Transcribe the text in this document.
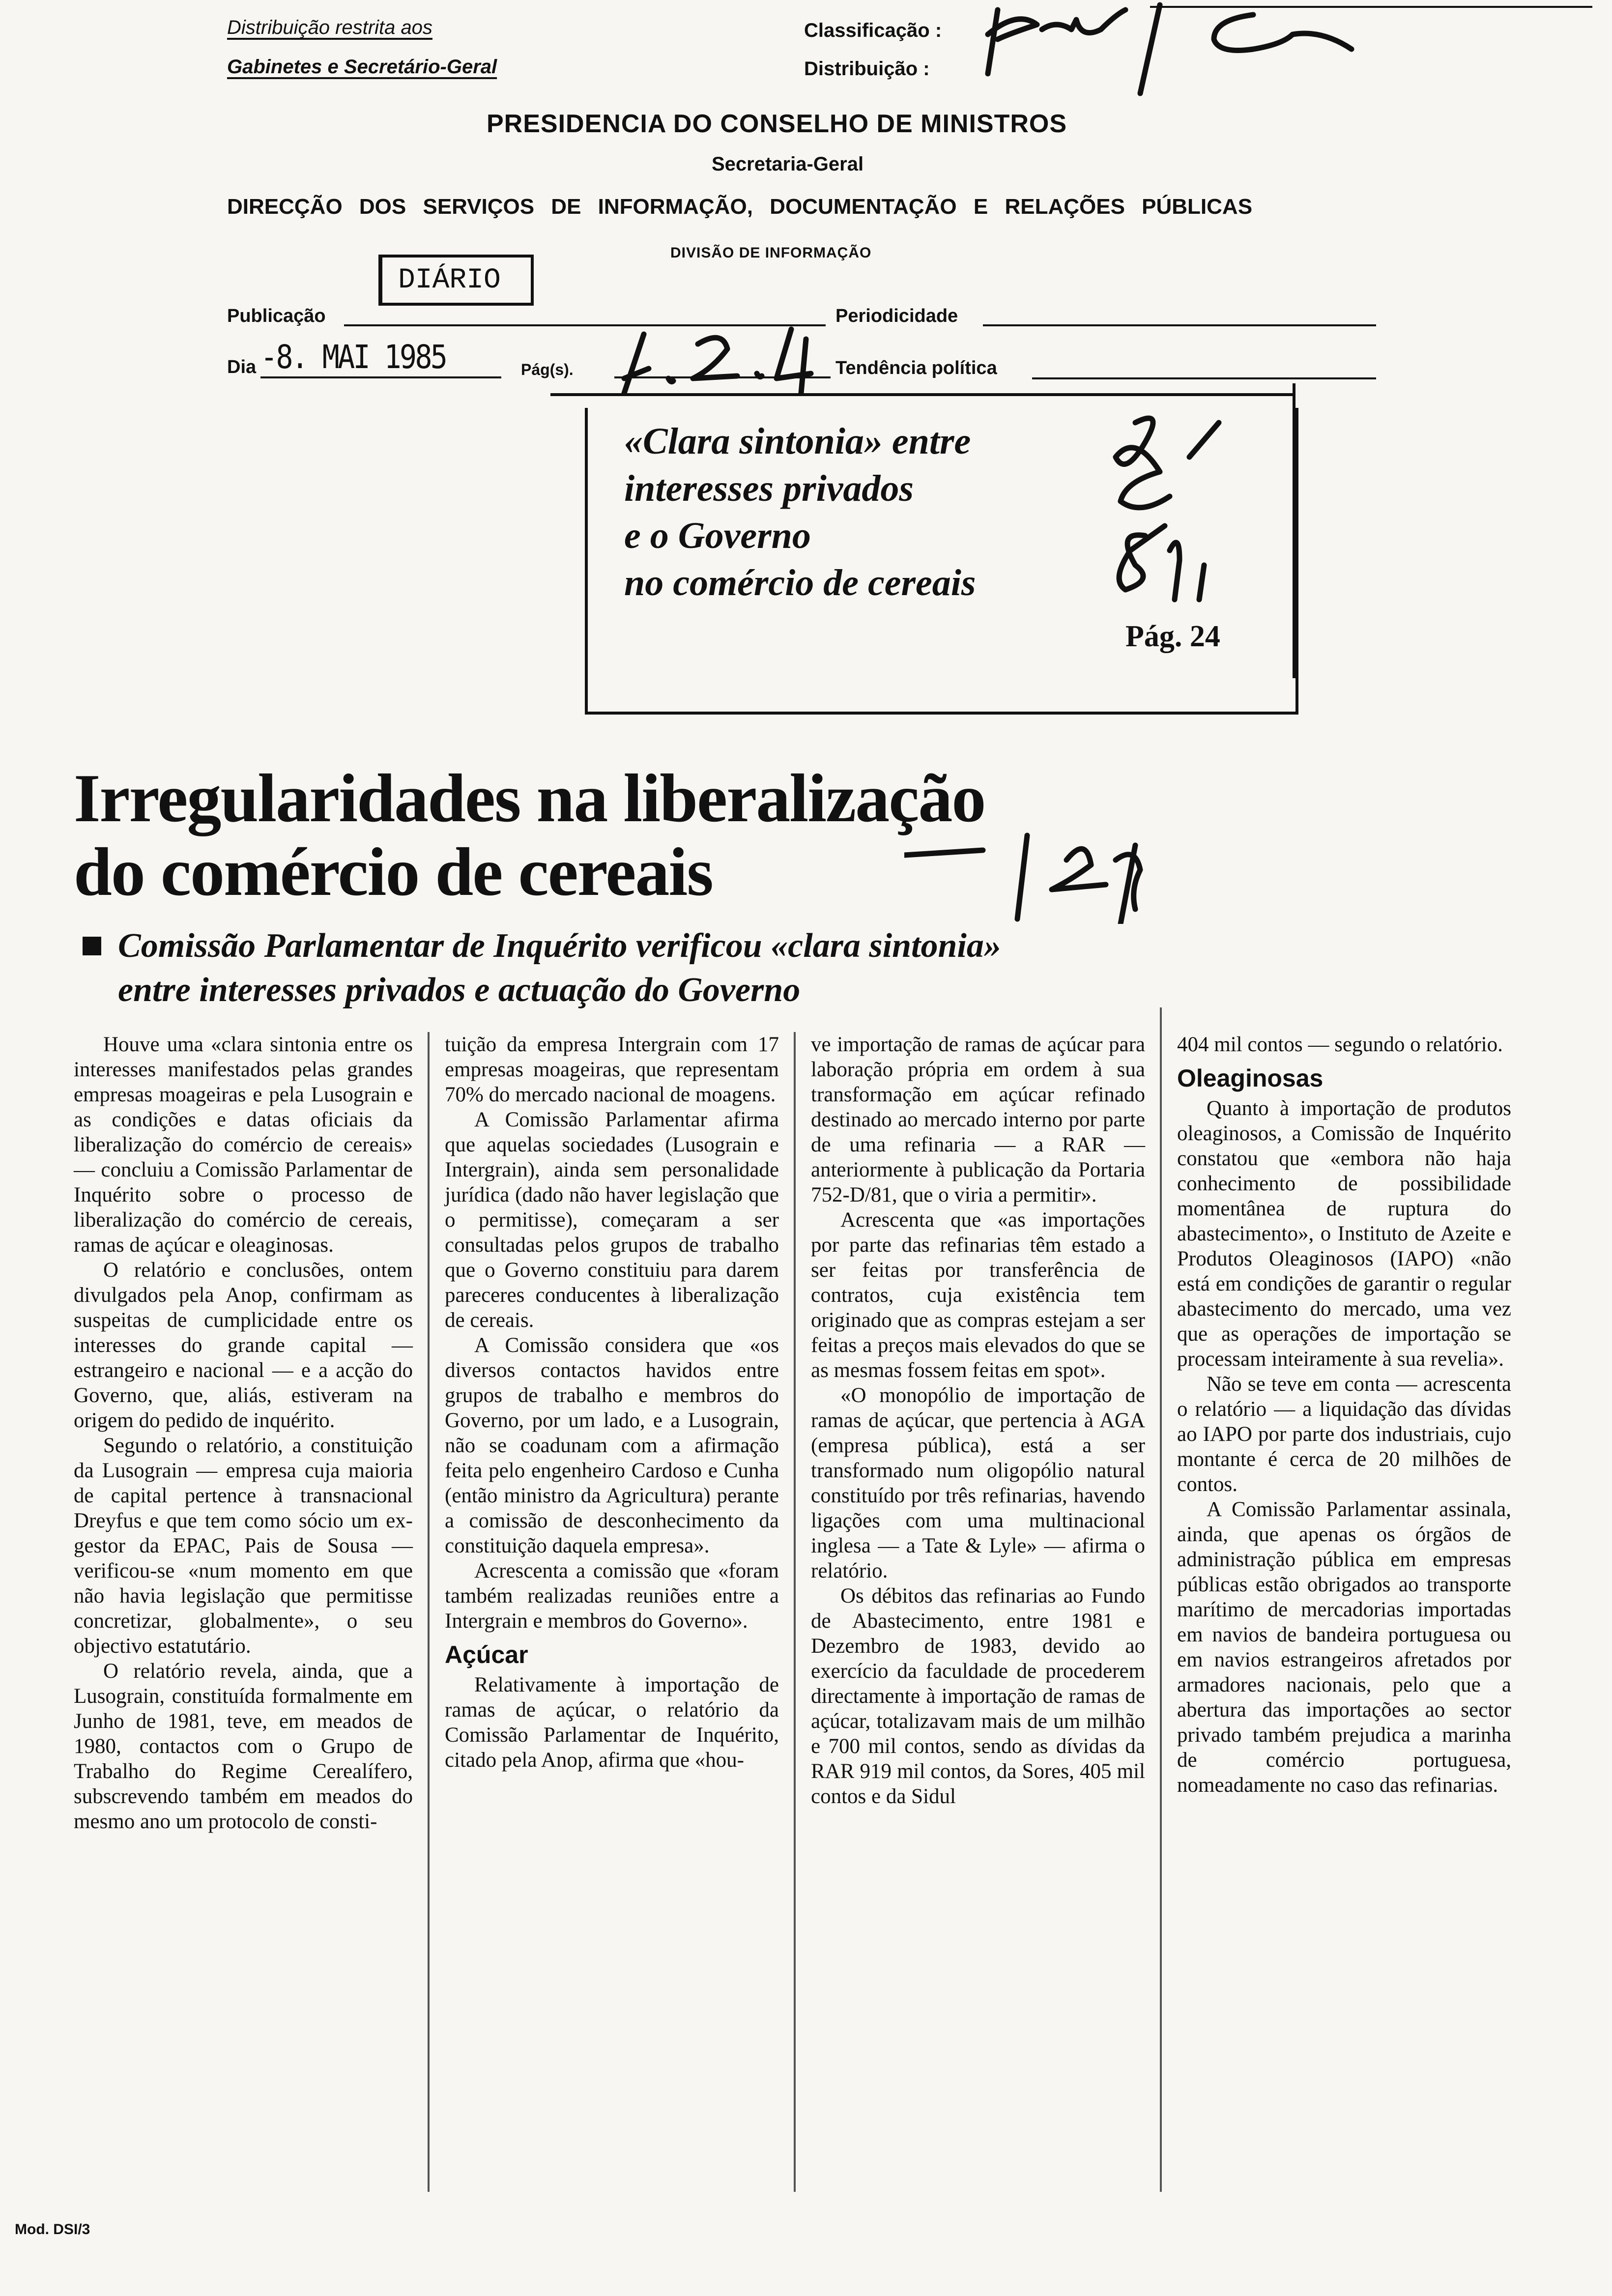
Distribuição restrita aos
Gabinetes e Secretário-Geral
Classificação :
Distribuição :
PRESIDENCIA DO CONSELHO DE MINISTROS
Secretaria-Geral
DIRECÇÃO DOS SERVIÇOS DE INFORMAÇÃO, DOCUMENTAÇÃO E RELAÇÕES PÚBLICAS
DIVISÃO DE INFORMAÇÃO
DIÁRIO
Publicação	Periodicidade
Dia -8. MAI 1985	Pág(s).	Tendência política
«Clara sintonia» entre
interesses privados
e o Governo
no comércio de cereais
Pág. 24
Irregularidades na liberalização
do comércio de cereais
Comissão Parlamentar de Inquérito verificou «clara sintonia»
entre interesses privados e actuação do Governo

Houve uma «clara sintonia entre os interesses manifestados pelas grandes empresas moageiras e pela Lusograin e as condições e datas oficiais da liberalização do comércio de cereais» — concluiu a Comissão Parlamentar de Inquérito sobre o processo de liberalização do comércio de cereais, ramas de açúcar e oleaginosas.

O relatório e conclusões, ontem divulgados pela Anop, confirmam as suspeitas de cumplicidade entre os interesses do grande capital — estrangeiro e nacional — e a acção do Governo, que, aliás, estiveram na origem do pedido de inquérito.

Segundo o relatório, a constituição da Lusograin — empresa cuja maioria de capital pertence à transnacional Dreyfus e que tem como sócio um ex-gestor da EPAC, Pais de Sousa — verificou-se «num momento em que não havia legislação que permitisse concretizar, globalmente», o seu objectivo estatutário.

O relatório revela, ainda, que a Lusograin, constituída formalmente em Junho de 1981, teve, em meados de 1980, contactos com o Grupo de Trabalho do Regime Cerealífero, subscrevendo também em meados do mesmo ano um protocolo de consti-

tuição da empresa Intergrain com 17 empresas moageiras, que representam 70% do mercado nacional de moagens.

A Comissão Parlamentar afirma que aquelas sociedades (Lusograin e Intergrain), ainda sem personalidade jurídica (dado não haver legislação que o permitisse), começaram a ser consultadas pelos grupos de trabalho que o Governo constituiu para darem pareceres conducentes à liberalização de cereais.

A Comissão considera que «os diversos contactos havidos entre grupos de trabalho e membros do Governo, por um lado, e a Lusograin, não se coadunam com a afirmação feita pelo engenheiro Cardoso e Cunha (então ministro da Agricultura) perante a comissão de desconhecimento da constituição daquela empresa».

Acrescenta a comissão que «foram também realizadas reuniões entre a Intergrain e membros do Governo».

Açúcar

Relativamente à importação de ramas de açúcar, o relatório da Comissão Parlamentar de Inquérito, citado pela Anop, afirma que «hou-

ve importação de ramas de açúcar para laboração própria em ordem à sua transformação em açúcar refinado destinado ao mercado interno por parte de uma refinaria — a RAR — anteriormente à publicação da Portaria 752-D/81, que o viria a permitir».

Acrescenta que «as importações por parte das refinarias têm estado a ser feitas por transferência de contratos, cuja existência tem originado que as compras estejam a ser feitas a preços mais elevados do que se as mesmas fossem feitas em spot».

«O monopólio de importação de ramas de açúcar, que pertencia à AGA (empresa pública), está a ser transformado num oligopólio natural constituído por três refinarias, havendo ligações com uma multinacional inglesa — a Tate & Lyle» — afirma o relatório.

Os débitos das refinarias ao Fundo de Abastecimento, entre 1981 e Dezembro de 1983, devido ao exercício da faculdade de procederem directamente à importação de ramas de açúcar, totalizavam mais de um milhão e 700 mil contos, sendo as dívidas da RAR 919 mil contos, da Sores, 405 mil contos e da Sidul

404 mil contos — segundo o relatório.

Oleaginosas

Quanto à importação de produtos oleaginosos, a Comissão de Inquérito constatou que «embora não haja conhecimento de possibilidade momentânea de ruptura do abastecimento», o Instituto de Azeite e Produtos Oleaginosos (IAPO) «não está em condições de garantir o regular abastecimento do mercado, uma vez que as operações de importação se processam inteiramente à sua revelia».

Não se teve em conta — acrescenta o relatório — a liquidação das dívidas ao IAPO por parte dos industriais, cujo montante é cerca de 20 milhões de contos.

A Comissão Parlamentar assinala, ainda, que apenas os órgãos de administração pública em empresas públicas estão obrigados ao transporte marítimo de mercadorias importadas em navios de bandeira portuguesa ou em navios estrangeiros afretados por armadores nacionais, pelo que a abertura das importações ao sector privado também prejudica a marinha de comércio portuguesa, nomeadamente no caso das refinarias.

Mod. DSI/3
